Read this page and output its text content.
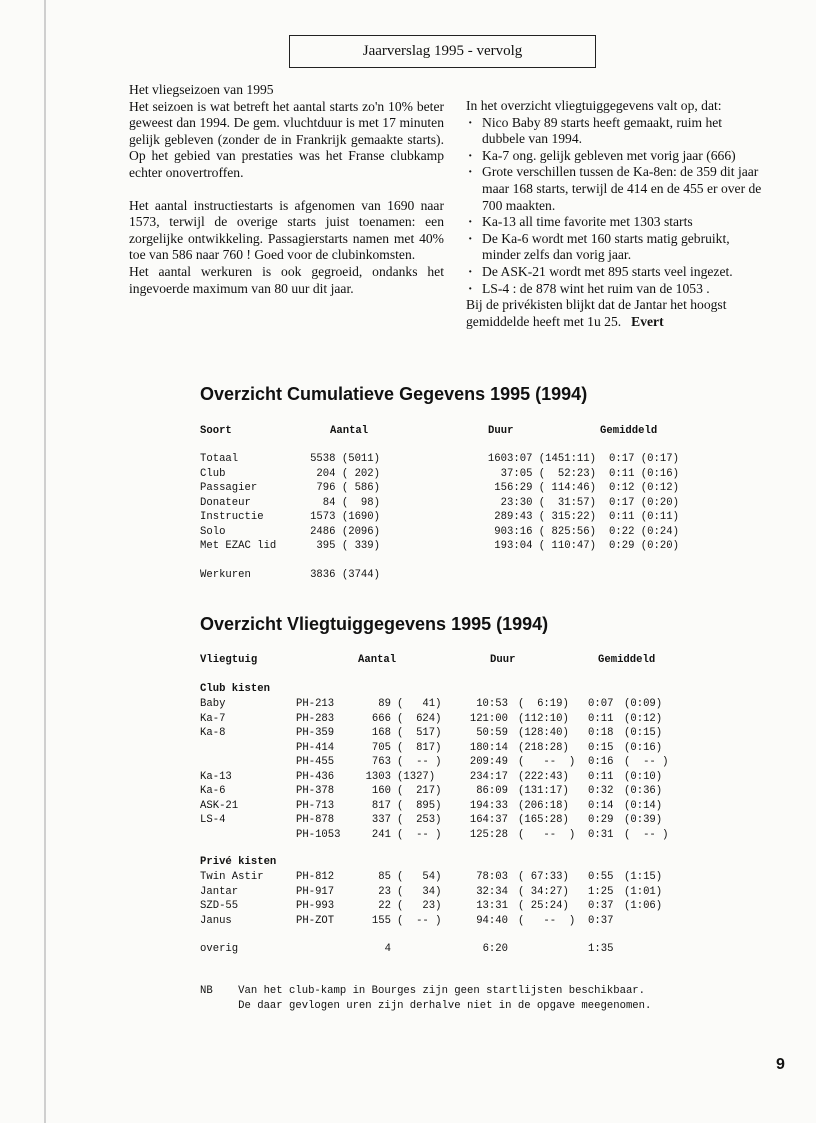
Jaarverslag 1995 - vervolg
Het vliegseizoen van 1995

Het seizoen is wat betreft het aantal starts zo'n 10% beter geweest dan 1994. De gem. vluchtduur is met 17 minuten gelijk gebleven (zonder de in Frankrijk gemaakte starts). Op het gebied van prestaties was het Franse clubkamp echter onovertroffen.

Het aantal instructiestarts is afgenomen van 1690 naar 1573, terwijl de overige starts juist toenamen: een zorgelijke ontwikkeling. Passagierstarts namen met 40% toe van 586 naar 760 ! Goed voor de clubinkomsten.

Het aantal werkuren is ook gegroeid, ondanks het ingevoerde maximum van 80 uur dit jaar.

In het overzicht vliegtuiggegevens valt op, dat:

· Nico Baby 89 starts heeft gemaakt, ruim het dubbele van 1994.
· Ka-7 ong. gelijk gebleven met vorig jaar (666)
· Grote verschillen tussen de Ka-8en: de 359 dit jaar maar 168 starts, terwijl de 414 en de 455 er over de 700 maakten.
· Ka-13 all time favorite met 1303 starts
· De Ka-6 wordt met 160 starts matig gebruikt, minder zelfs dan vorig jaar.
· De ASK-21 wordt met 895 starts veel ingezet.
· LS-4 : de 878 wint het ruim van de 1053 .

Bij de privékisten blijkt dat de Jantar het hoogst gemiddelde heeft met 1u 25. Evert

Overzicht Cumulatieve Gegevens 1995 (1994)
Soort	Aantal	Duur	Gemiddeld
Totaal	5538 (5011)	1603:07 (1451:11) 0:17 (0:17)
Club	204 ( 202)	37:05 (  52:23) 0:11 (0:16)
Passagier	796 ( 586)	156:29 ( 114:46) 0:12 (0:12)
Donateur	84 (  98)	23:30 (  31:57) 0:17 (0:20)
Instructie	1573 (1690)	289:43 ( 315:22) 0:11 (0:11)
Solo	2486 (2096)	903:16 ( 825:56) 0:22 (0:24)
Met EZAC lid	395 ( 339)	193:04 ( 110:47) 0:29 (0:20)
Werkuren	3836 (3744)
Overzicht Vliegtuiggegevens 1995 (1994)
Vliegtuig	Aantal	Duur	Gemiddeld
Club kisten
Baby	PH-213	89 (   41)	10:53 (  6:19) 0:07 (0:09)
Ka-7	PH-283	666 (  624)	121:00 (112:10) 0:11 (0:12)
Ka-8	PH-359	168 (  517)	50:59 (128:40) 0:18 (0:15)
PH-414	705 (  817)	180:14 (218:28) 0:15 (0:16)
PH-455	763 (  -- )	209:49 (   --  ) 0:16 (  -- )
Ka-13	PH-436	1303 (1327)	234:17 (222:43) 0:11 (0:10)
Ka-6	PH-378	160 (  217)	86:09 (131:17) 0:32 (0:36)
ASK-21	PH-713	817 (  895)	194:33 (206:18) 0:14 (0:14)
LS-4	PH-878	337 (  253)	164:37 (165:28) 0:29 (0:39)
PH-1053	241 (  -- )	125:28 (   --  ) 0:31 (  -- )
Privé kisten
Twin Astir	PH-812	85 (   54)	78:03 ( 67:33) 0:55 (1:15)
Jantar	PH-917	23 (   34)	32:34 ( 34:27) 1:25 (1:01)
SZD-55	PH-993	22 (   23)	13:31 ( 25:24) 0:37 (1:06)
Janus	PH-ZOT	155 (  -- )	94:40 (   --  ) 0:37
overig	4	6:20	1:35
NB    Van het club-kamp in Bourges zijn geen startlijsten beschikbaar.
De daar gevlogen uren zijn derhalve niet in de opgave meegenomen.
9
